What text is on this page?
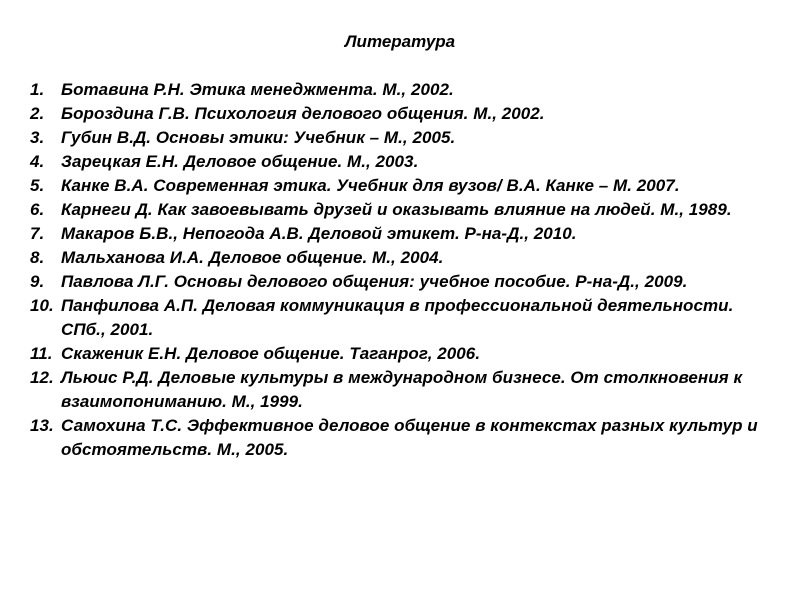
Литература
1. Ботавина Р.Н. Этика менеджмента. М., 2002.
2. Бороздина Г.В. Психология делового общения. М., 2002.
3. Губин В.Д. Основы этики: Учебник – М., 2005.
4. Зарецкая Е.Н. Деловое общение. М., 2003.
5. Канке В.А. Современная этика. Учебник для вузов/ В.А. Канке – М. 2007.
6. Карнеги Д. Как завоевывать друзей и оказывать влияние на людей. М., 1989.
7. Макаров Б.В., Непогода А.В. Деловой этикет. Р-на-Д., 2010.
8. Мальханова И.А. Деловое общение. М., 2004.
9. Павлова Л.Г. Основы делового общения: учебное пособие. Р-на-Д., 2009.
10. Панфилова А.П. Деловая коммуникация в профессиональной деятельности. СПб., 2001.
11. Скаженик Е.Н. Деловое общение. Таганрог, 2006.
12. Льюис Р.Д. Деловые культуры в международном бизнесе. От столкновения к взаимопониманию. М., 1999.
13. Самохина Т.С. Эффективное деловое общение в контекстах разных культур и обстоятельств. М., 2005.
